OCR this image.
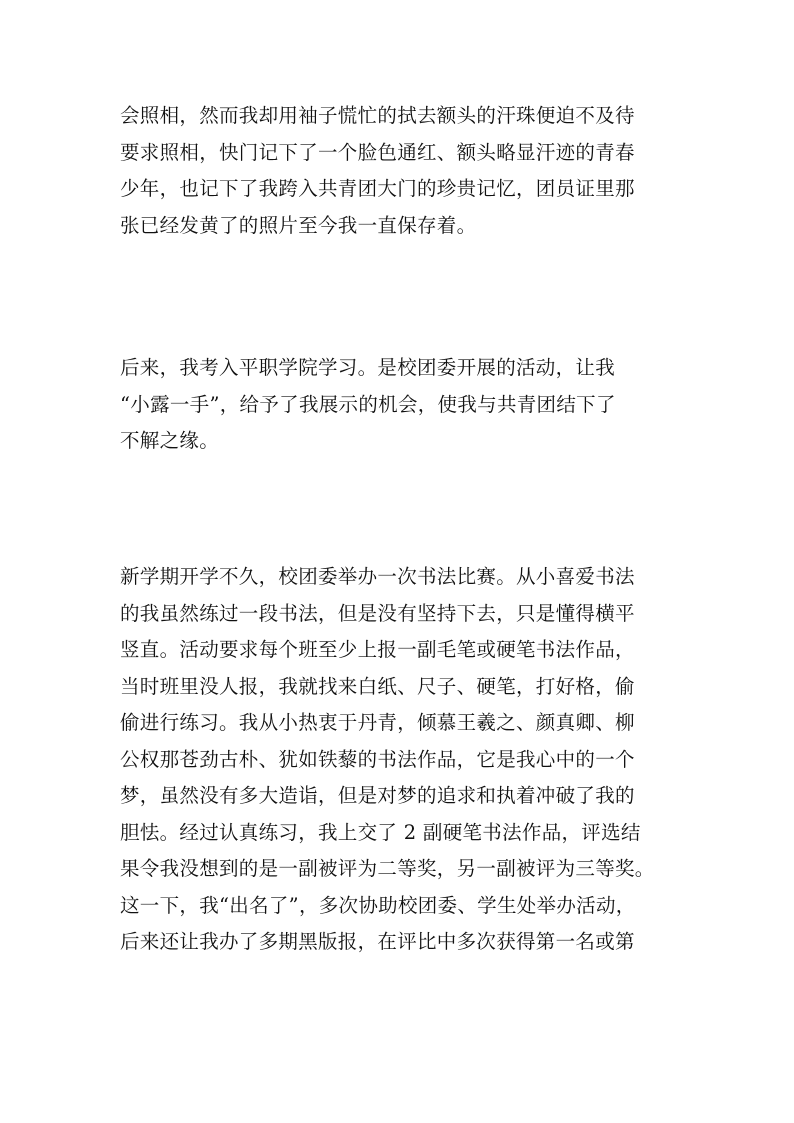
会照相，然而我却用袖子慌忙的拭去额头的汗珠便迫不及待
要求照相，快门记下了一个脸色通红、额头略显汗迹的青春
少年，也记下了我跨入共青团大门的珍贵记忆，团员证里那
张已经发黄了的照片至今我一直保存着。
后来，我考入平职学院学习。是校团委开展的活动，让我
“小露一手”，给予了我展示的机会，使我与共青团结下了
不解之缘。
新学期开学不久，校团委举办一次书法比赛。从小喜爱书法
的我虽然练过一段书法，但是没有坚持下去，只是懂得横平
竖直。活动要求每个班至少上报一副毛笔或硬笔书法作品，
当时班里没人报，我就找来白纸、尺子、硬笔，打好格，偷
偷进行练习。我从小热衷于丹青，倾慕王羲之、颜真卿、柳
公权那苍劲古朴、犹如铁藜的书法作品，它是我心中的一个
梦，虽然没有多大造诣，但是对梦的追求和执着冲破了我的
胆怯。经过认真练习，我上交了 2 副硬笔书法作品，评选结
果令我没想到的是一副被评为二等奖，另一副被评为三等奖。
这一下，我“出名了”，多次协助校团委、学生处举办活动，
后来还让我办了多期黑版报，在评比中多次获得第一名或第
